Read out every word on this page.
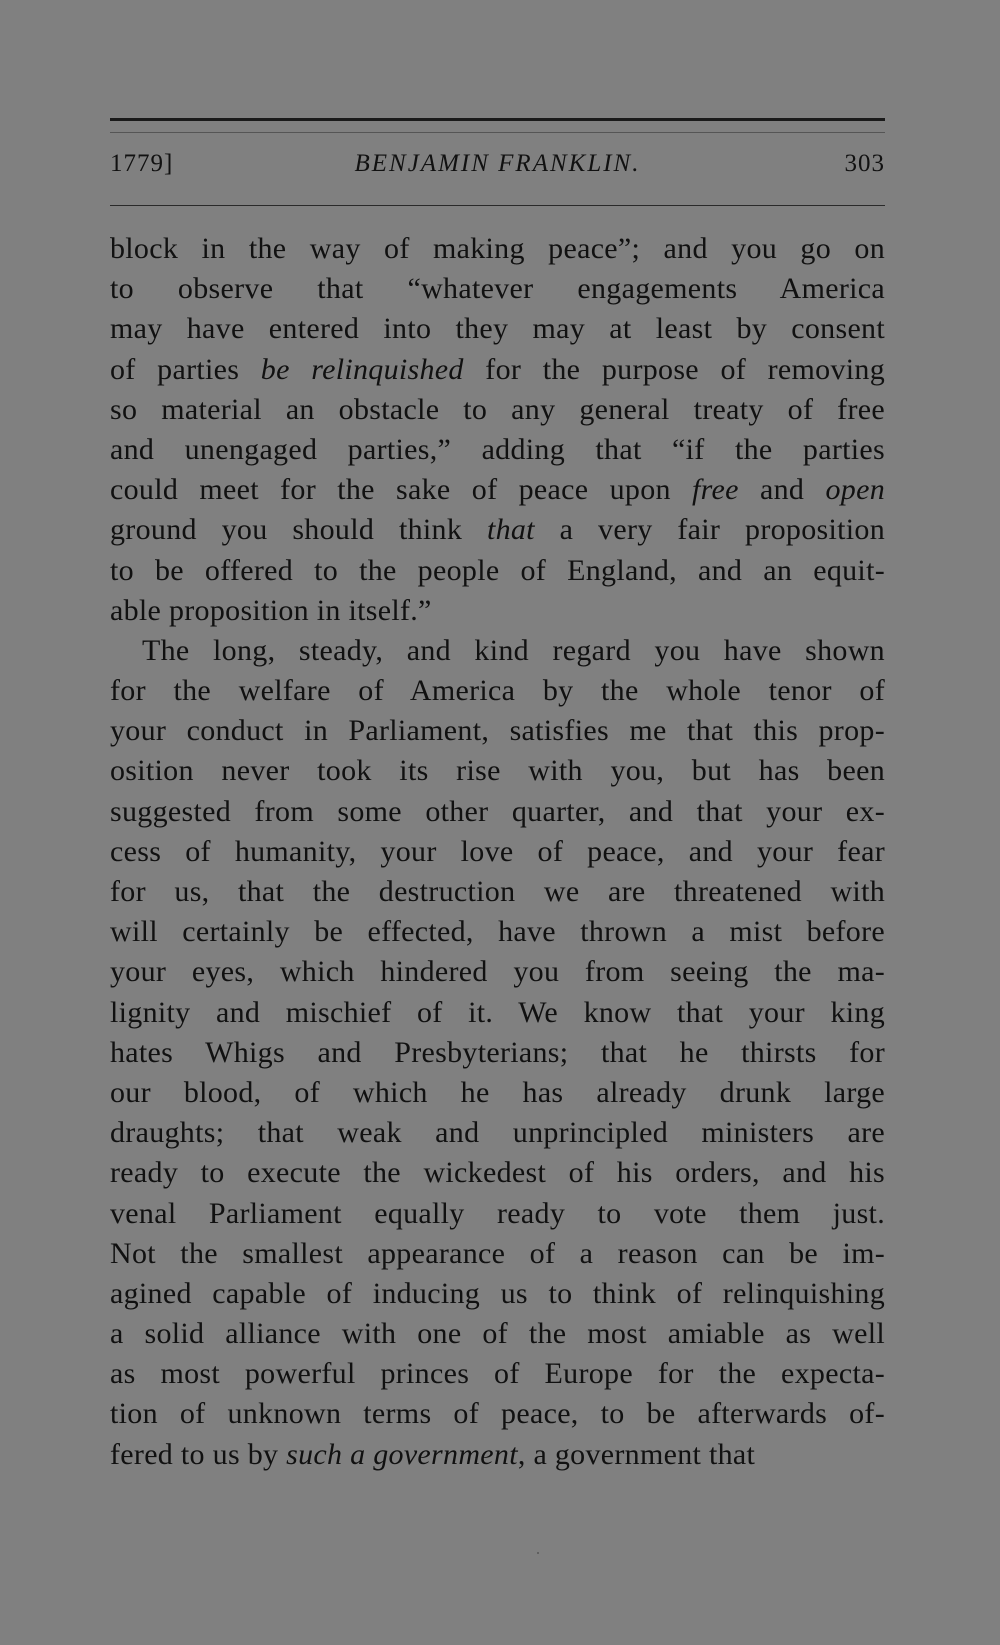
1779]	BENJAMIN FRANKLIN.	303
block in the way of making peace”; and you go on
to observe that “whatever engagements America
may have entered into they may at least by consent
of parties be relinquished for the purpose of removing
so material an obstacle to any general treaty of free
and unengaged parties,” adding that “if the parties
could meet for the sake of peace upon free and open
ground you should think that a very fair proposition
to be offered to the people of England, and an equit-
able proposition in itself.”
The long, steady, and kind regard you have shown
for the welfare of America by the whole tenor of
your conduct in Parliament, satisfies me that this prop-
osition never took its rise with you, but has been
suggested from some other quarter, and that your ex-
cess of humanity, your love of peace, and your fear
for us, that the destruction we are threatened with
will certainly be effected, have thrown a mist before
your eyes, which hindered you from seeing the ma-
lignity and mischief of it. We know that your king
hates Whigs and Presbyterians; that he thirsts for
our blood, of which he has already drunk large
draughts; that weak and unprincipled ministers are
ready to execute the wickedest of his orders, and his
venal Parliament equally ready to vote them just.
Not the smallest appearance of a reason can be im-
agined capable of inducing us to think of relinquishing
a solid alliance with one of the most amiable as well
as most powerful princes of Europe for the expecta-
tion of unknown terms of peace, to be afterwards of-
fered to us by such a government, a government that
